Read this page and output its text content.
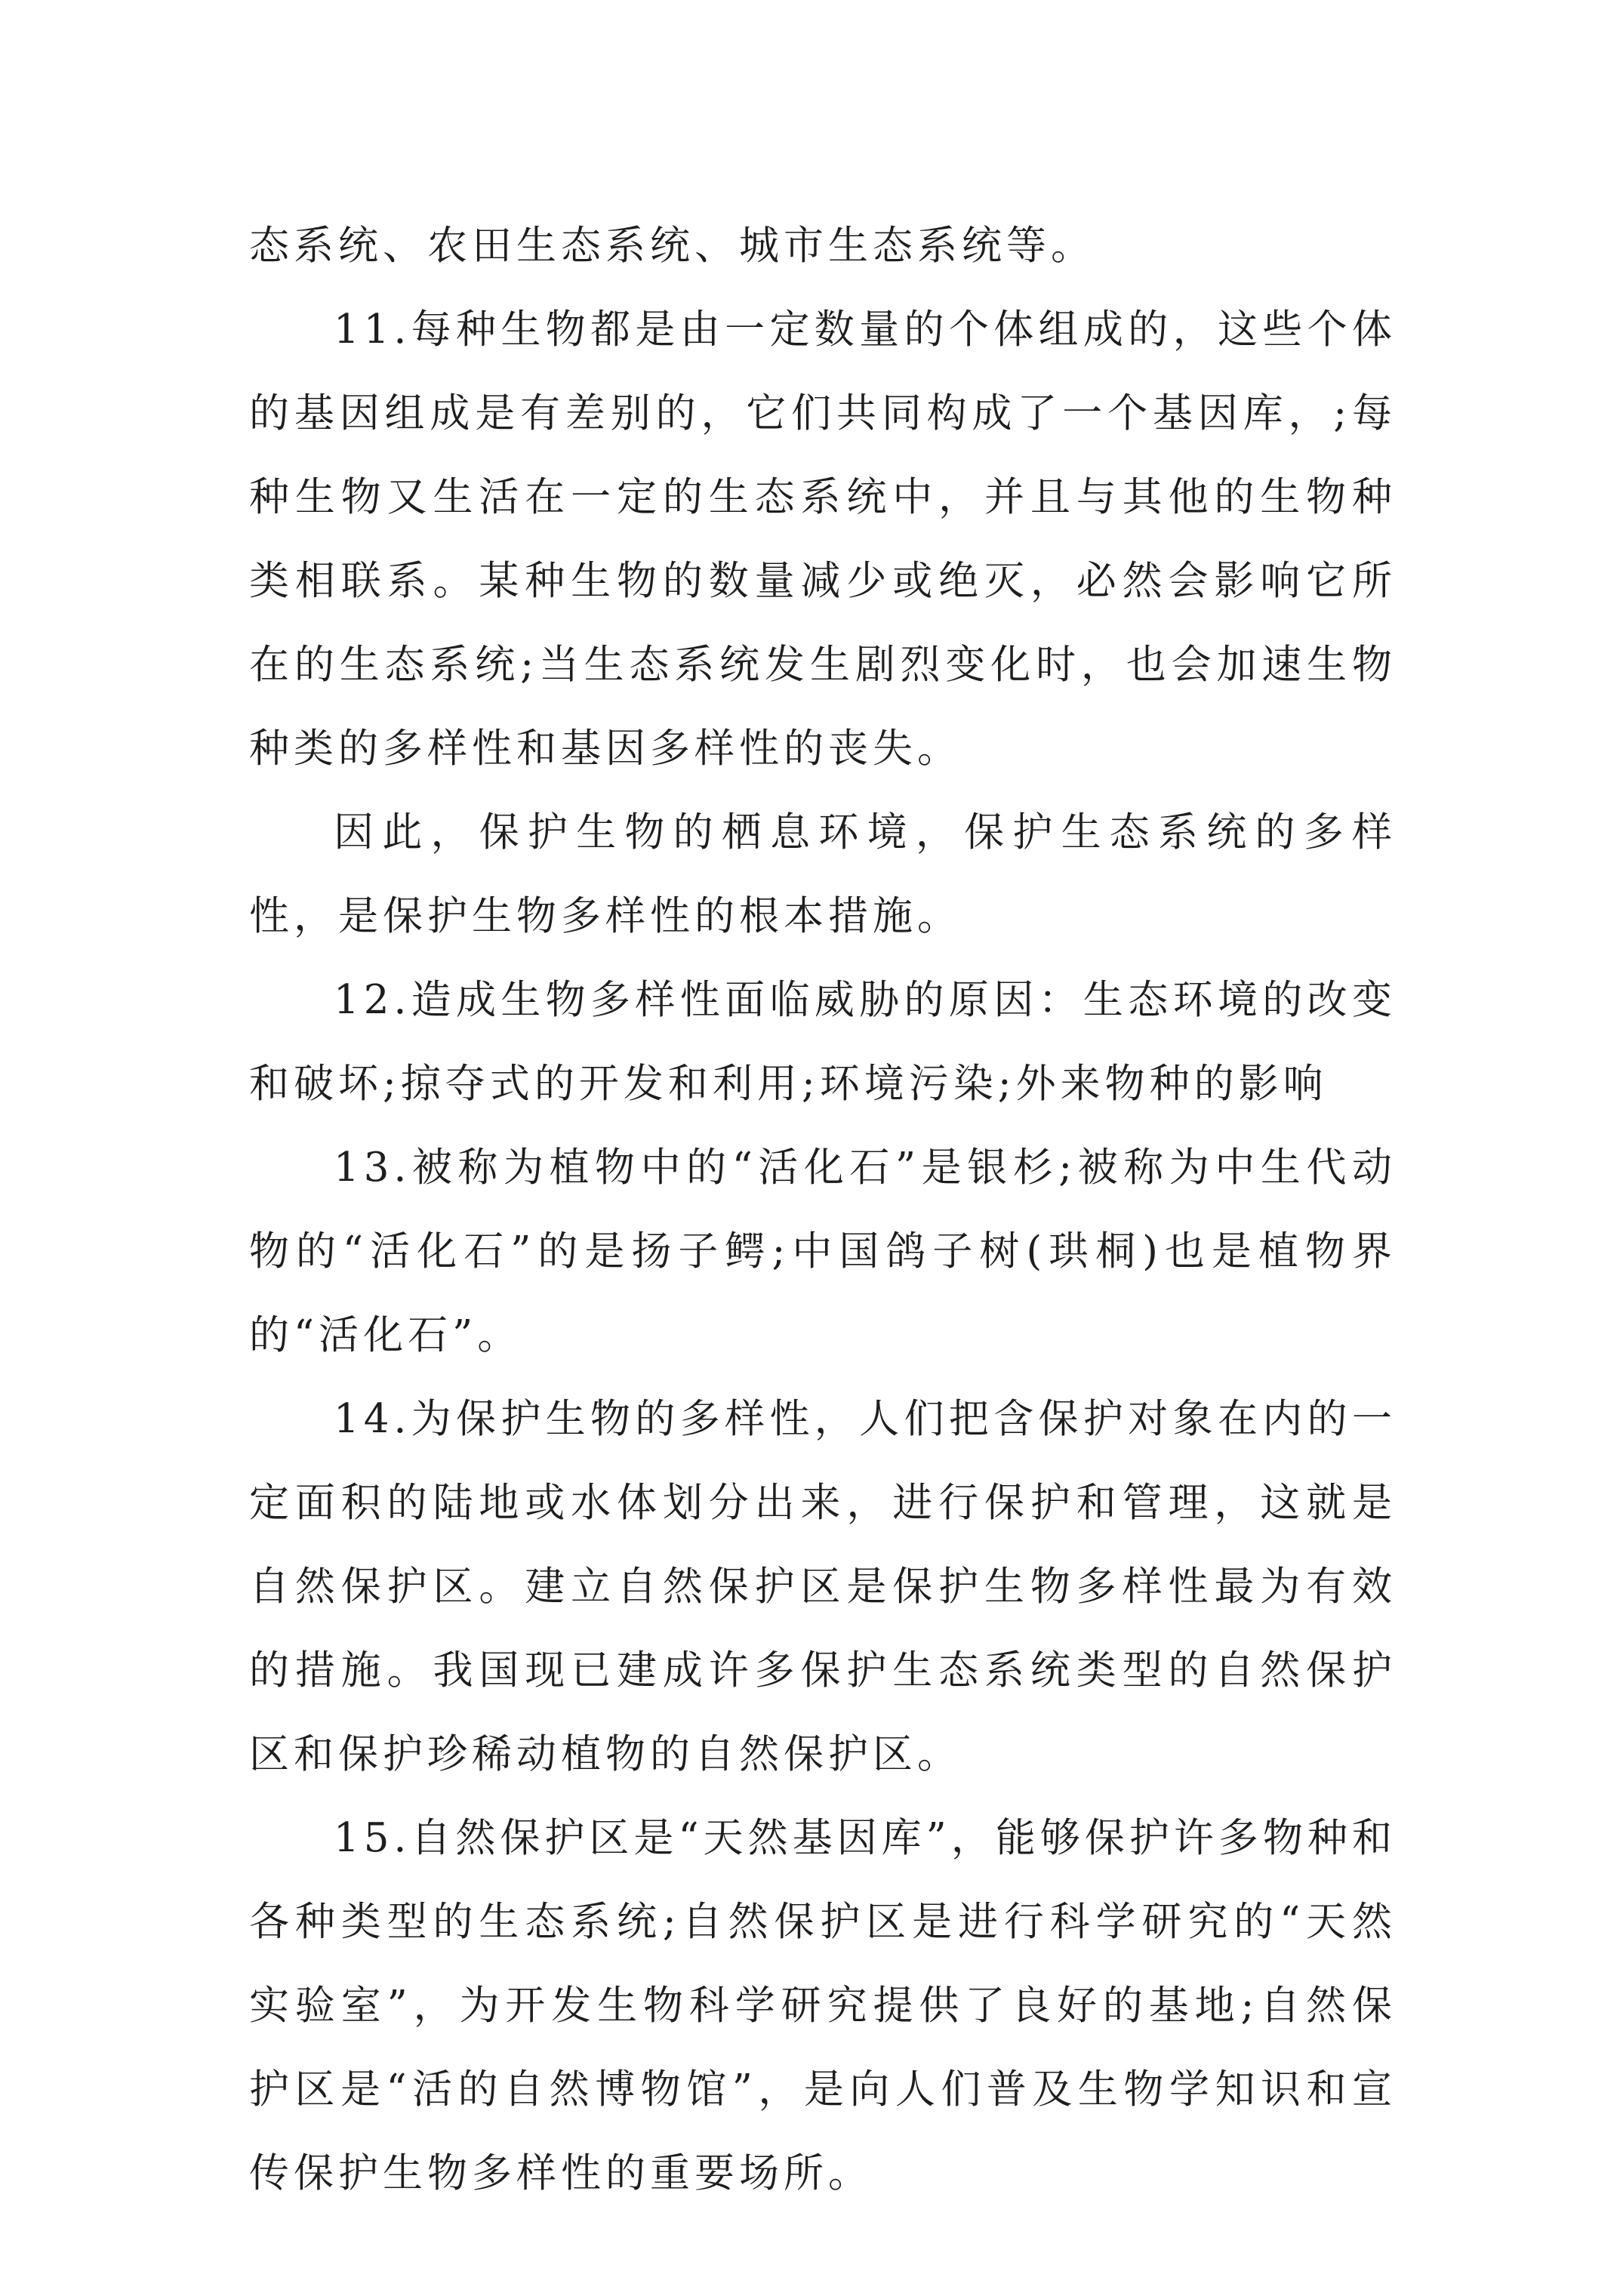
态系统、农田生态系统、城市生态系统等。

11.每种生物都是由一定数量的个体组成的，这些个体的基因组成是有差别的，它们共同构成了一个基因库，;每种生物又生活在一定的生态系统中，并且与其他的生物种类相联系。某种生物的数量减少或绝灭，必然会影响它所在的生态系统;当生态系统发生剧烈变化时，也会加速生物种类的多样性和基因多样性的丧失。

因此，保护生物的栖息环境，保护生态系统的多样性，是保护生物多样性的根本措施。

12.造成生物多样性面临威胁的原因：生态环境的改变和破坏;掠夺式的开发和利用;环境污染;外来物种的影响

13.被称为植物中的“活化石”是银杉;被称为中生代动物的“活化石”的是扬子鳄;中国鸽子树(珙桐)也是植物界的“活化石”。

14.为保护生物的多样性，人们把含保护对象在内的一定面积的陆地或水体划分出来，进行保护和管理，这就是自然保护区。建立自然保护区是保护生物多样性最为有效的措施。我国现已建成许多保护生态系统类型的自然保护区和保护珍稀动植物的自然保护区。

15.自然保护区是“天然基因库”，能够保护许多物种和各种类型的生态系统;自然保护区是进行科学研究的“天然实验室”，为开发生物科学研究提供了良好的基地;自然保护区是“活的自然博物馆”，是向人们普及生物学知识和宣传保护生物多样性的重要场所。
